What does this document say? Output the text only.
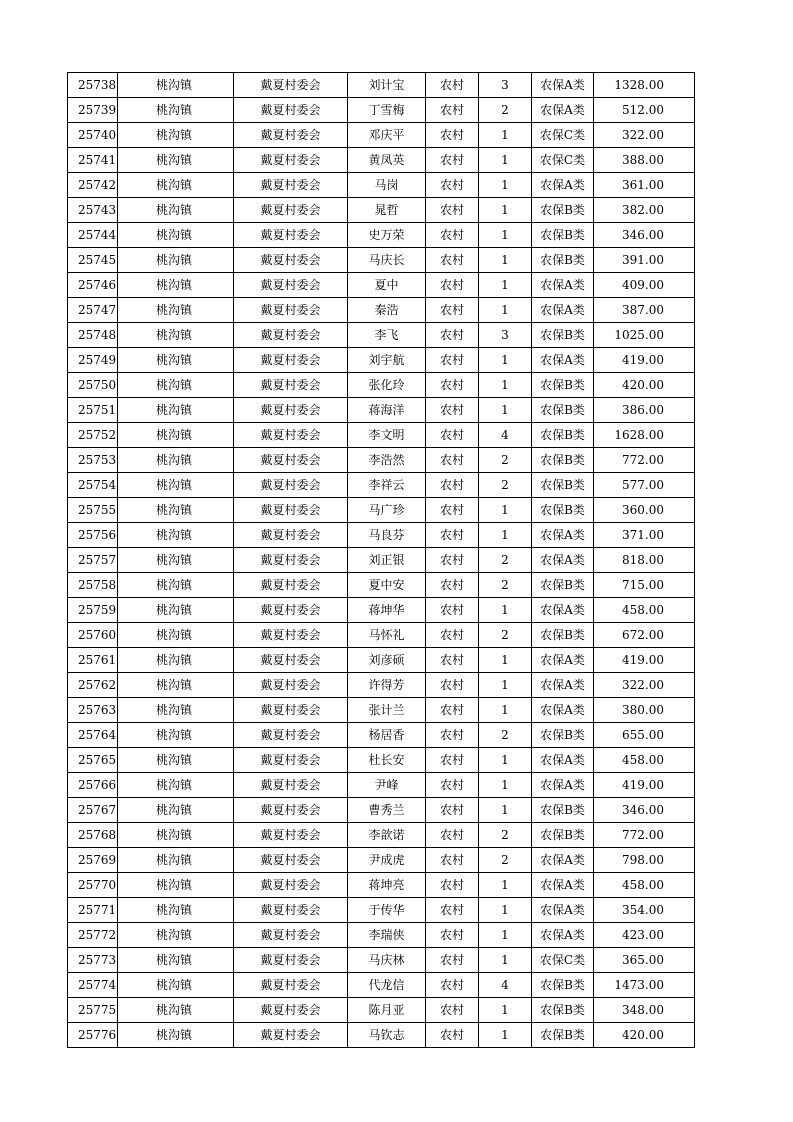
25738	桃沟镇	戴夏村委会	刘计宝	农村	3	农保A类	1328.00
25739	桃沟镇	戴夏村委会	丁雪梅	农村	2	农保A类	512.00
25740	桃沟镇	戴夏村委会	邓庆平	农村	1	农保C类	322.00
25741	桃沟镇	戴夏村委会	黄凤英	农村	1	农保C类	388.00
25742	桃沟镇	戴夏村委会	马岗	农村	1	农保A类	361.00
25743	桃沟镇	戴夏村委会	晁哲	农村	1	农保B类	382.00
25744	桃沟镇	戴夏村委会	史万荣	农村	1	农保B类	346.00
25745	桃沟镇	戴夏村委会	马庆长	农村	1	农保B类	391.00
25746	桃沟镇	戴夏村委会	夏中	农村	1	农保A类	409.00
25747	桃沟镇	戴夏村委会	秦浩	农村	1	农保A类	387.00
25748	桃沟镇	戴夏村委会	李飞	农村	3	农保B类	1025.00
25749	桃沟镇	戴夏村委会	刘宇航	农村	1	农保A类	419.00
25750	桃沟镇	戴夏村委会	张化玲	农村	1	农保B类	420.00
25751	桃沟镇	戴夏村委会	蒋海洋	农村	1	农保B类	386.00
25752	桃沟镇	戴夏村委会	李文明	农村	4	农保B类	1628.00
25753	桃沟镇	戴夏村委会	李浩然	农村	2	农保B类	772.00
25754	桃沟镇	戴夏村委会	李祥云	农村	2	农保B类	577.00
25755	桃沟镇	戴夏村委会	马广珍	农村	1	农保B类	360.00
25756	桃沟镇	戴夏村委会	马良芬	农村	1	农保A类	371.00
25757	桃沟镇	戴夏村委会	刘正银	农村	2	农保A类	818.00
25758	桃沟镇	戴夏村委会	夏中安	农村	2	农保B类	715.00
25759	桃沟镇	戴夏村委会	蒋坤华	农村	1	农保A类	458.00
25760	桃沟镇	戴夏村委会	马怀礼	农村	2	农保B类	672.00
25761	桃沟镇	戴夏村委会	刘彦硕	农村	1	农保A类	419.00
25762	桃沟镇	戴夏村委会	许得芳	农村	1	农保A类	322.00
25763	桃沟镇	戴夏村委会	张计兰	农村	1	农保A类	380.00
25764	桃沟镇	戴夏村委会	杨居香	农村	2	农保B类	655.00
25765	桃沟镇	戴夏村委会	杜长安	农村	1	农保A类	458.00
25766	桃沟镇	戴夏村委会	尹峰	农村	1	农保A类	419.00
25767	桃沟镇	戴夏村委会	曹秀兰	农村	1	农保B类	346.00
25768	桃沟镇	戴夏村委会	李歆诺	农村	2	农保B类	772.00
25769	桃沟镇	戴夏村委会	尹成虎	农村	2	农保A类	798.00
25770	桃沟镇	戴夏村委会	蒋坤亮	农村	1	农保A类	458.00
25771	桃沟镇	戴夏村委会	于传华	农村	1	农保A类	354.00
25772	桃沟镇	戴夏村委会	李瑞侠	农村	1	农保A类	423.00
25773	桃沟镇	戴夏村委会	马庆林	农村	1	农保C类	365.00
25774	桃沟镇	戴夏村委会	代龙信	农村	4	农保B类	1473.00
25775	桃沟镇	戴夏村委会	陈月亚	农村	1	农保B类	348.00
25776	桃沟镇	戴夏村委会	马钦志	农村	1	农保B类	420.00
